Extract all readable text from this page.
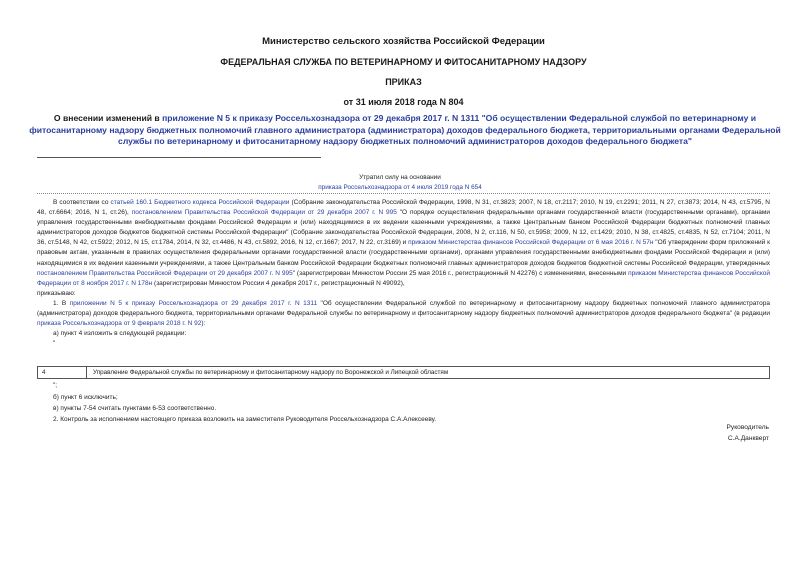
Министерство сельского хозяйства Российской Федерации
ФЕДЕРАЛЬНАЯ СЛУЖБА ПО ВЕТЕРИНАРНОМУ И ФИТОСАНИТАРНОМУ НАДЗОРУ
ПРИКАЗ
от 31 июля 2018 года N 804
О внесении изменений в приложение N 5 к приказу Россельхознадзора от 29 декабря 2017 г. N 1311 "Об осуществлении Федеральной службой по ветеринарному и фитосанитарному надзору бюджетных полномочий главного администратора (администратора) доходов федерального бюджета, территориальными органами Федеральной службы по ветеринарному и фитосанитарному надзору бюджетных полномочий администраторов доходов федерального бюджета"
Утратил силу на основании
приказа Россельхознадзора от 4 июля 2019 года N 654
В соответствии со статьей 160.1 Бюджетного кодекса Российской Федерации (Собрание законодательства Российской Федерации, 1998, N 31, ст.3823; 2007, N 18, ст.2117; 2010, N 19, ст.2291; 2011, N 27, ст.3873; 2014, N 43, ст.5795, N 48, ст.6664; 2016, N 1, ст.26), постановлением Правительства Российской Федерации от 29 декабря 2007 г. N 995 "О порядке осуществления федеральными органами государственной власти (государственными органами), органами управления государственными внебюджетными фондами Российской Федерации и (или) находящимися в их ведении казенными учреждениями, а также Центральным банком Российской Федерации бюджетных полномочий главных администраторов доходов бюджетов бюджетной системы Российской Федерации" (Собрание законодательства Российской Федерации, 2008, N 2, ст.116, N 50, ст.5958; 2009, N 12, ст.1429; 2010, N 38, ст.4825, ст.4835, N 52, ст.7104; 2011, N 36, ст.5148, N 42, ст.5922; 2012, N 15, ст.1784, 2014, N 32, ст.4486, N 43, ст.5892, 2016, N 12, ст.1667; 2017, N 22, ст.3169) и приказом Министерства финансов Российской Федерации от 6 мая 2016 г. N 57н "Об утверждении форм приложений к правовым актам, указанным в правилах осуществления федеральными органами государственной власти (государственными органами), органами управления государственными внебюджетными фондами Российской Федерации и (или) находящимися в их ведении казенными учреждениями, а также Центральным банком Российской Федерации бюджетных полномочий главных администраторов доходов бюджетов бюджетной системы Российской Федерации, утвержденных постановлением Правительства Российской Федерации от 29 декабря 2007 г. N 995" (зарегистрирован Минюстом России 25 мая 2016 г., регистрационный N 42276) с изменениями, внесенными приказом Министерства финансов Российской Федерации от 8 ноября 2017 г. N 178н (зарегистрирован Минюстом России 4 декабря 2017 г., регистрационный N 49092),
приказываю:
1. В приложении N 5 к приказу Россельхознадзора от 29 декабря 2017 г. N 1311 "Об осуществлении Федеральной службой по ветеринарному и фитосанитарному надзору бюджетных полномочий главного администратора (администратора) доходов федерального бюджета, территориальными органами Федеральной службы по ветеринарному и фитосанитарному надзору бюджетных полномочий администраторов доходов федерального бюджета" (в редакции приказа Россельхознадзора от 9 февраля 2018 г. N 92):
а) пункт 4 изложить в следующей редакции:
"
4	Управление Федеральной службы по ветеринарному и фитосанитарному надзору по Воронежской и Липецкой областям
";
б) пункт 6 исключить;
в) пункты 7-54 считать пунктами 6-53 соответственно.
2. Контроль за исполнением настоящего приказа возложить на заместителя Руководителя Россельхознадзора С.А.Алексееву.
Руководитель
С.А.Данкверт
